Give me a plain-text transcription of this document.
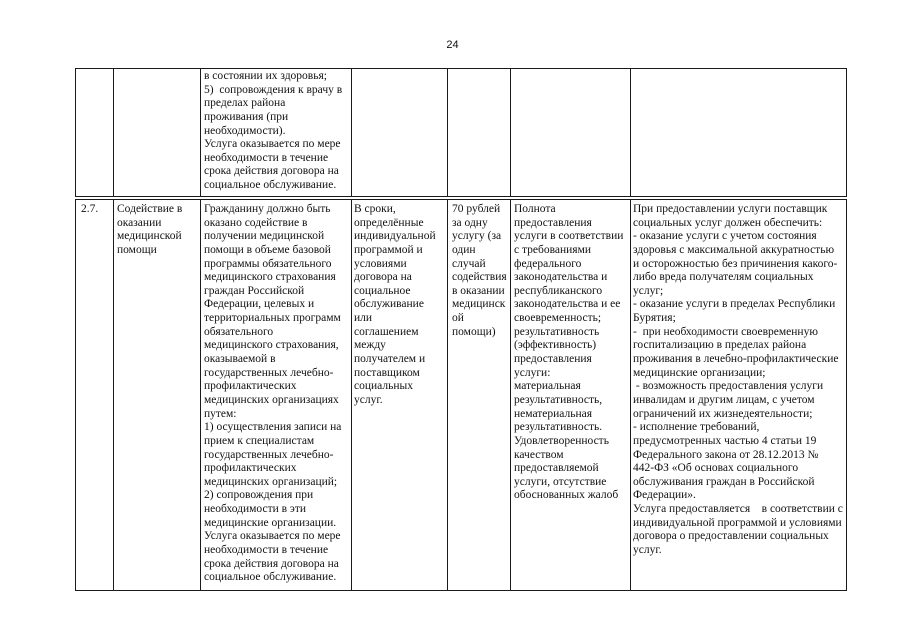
24
в состоянии их здоровья;
5)  сопровождения к врачу в
пределах района
проживания (при
необходимости).
Услуга оказывается по мере
необходимости в течение
срока действия договора на
социальное обслуживание.
2.7.	Содействие в
оказании
медицинской
помощи
Гражданину должно быть
оказано содействие в
получении медицинской
помощи в объеме базовой
программы обязательного
медицинского страхования
граждан Российской
Федерации, целевых и
территориальных программ
обязательного
медицинского страхования,
оказываемой в
государственных лечебно-
профилактических
медицинских организациях
путем:
1) осуществления записи на
прием к специалистам
государственных лечебно-
профилактических
медицинских организаций;
2) сопровождения при
необходимости в эти
медицинские организации.
Услуга оказывается по мере
необходимости в течение
срока действия договора на
социальное обслуживание.
В сроки,
определённые
индивидуальной
программой и
условиями
договора на
социальное
обслуживание
или
соглашением
между
получателем и
поставщиком
социальных
услуг.
70 рублей
за одну
услугу (за
один
случай
содействия
в оказании
медицинск
ой
помощи)
Полнота
предоставления
услуги в соответствии
с требованиями
федерального
законодательства и
республиканского
законодательства и ее
своевременность;
результативность
(эффективность)
предоставления
услуги:
материальная
результативность,
нематериальная
результативность.
Удовлетворенность
качеством
предоставляемой
услуги, отсутствие
обоснованных жалоб
При предоставлении услуги поставщик
социальных услуг должен обеспечить:
- оказание услуги с учетом состояния
здоровья с максимальной аккуратностью
и осторожностью без причинения какого-
либо вреда получателям социальных
услуг;
- оказание услуги в пределах Республики
Бурятия;
-  при необходимости своевременную
госпитализацию в пределах района
проживания в лечебно-профилактические
медицинские организации;
- возможность предоставления услуги
инвалидам и другим лицам, с учетом
ограничений их жизнедеятельности;
- исполнение требований,
предусмотренных частью 4 статьи 19
Федерального закона от 28.12.2013 №
442-ФЗ «Об основах социального
обслуживания граждан в Российской
Федерации».
Услуга предоставляется    в соответствии с
индивидуальной программой и условиями
договора о предоставлении социальных
услуг.
